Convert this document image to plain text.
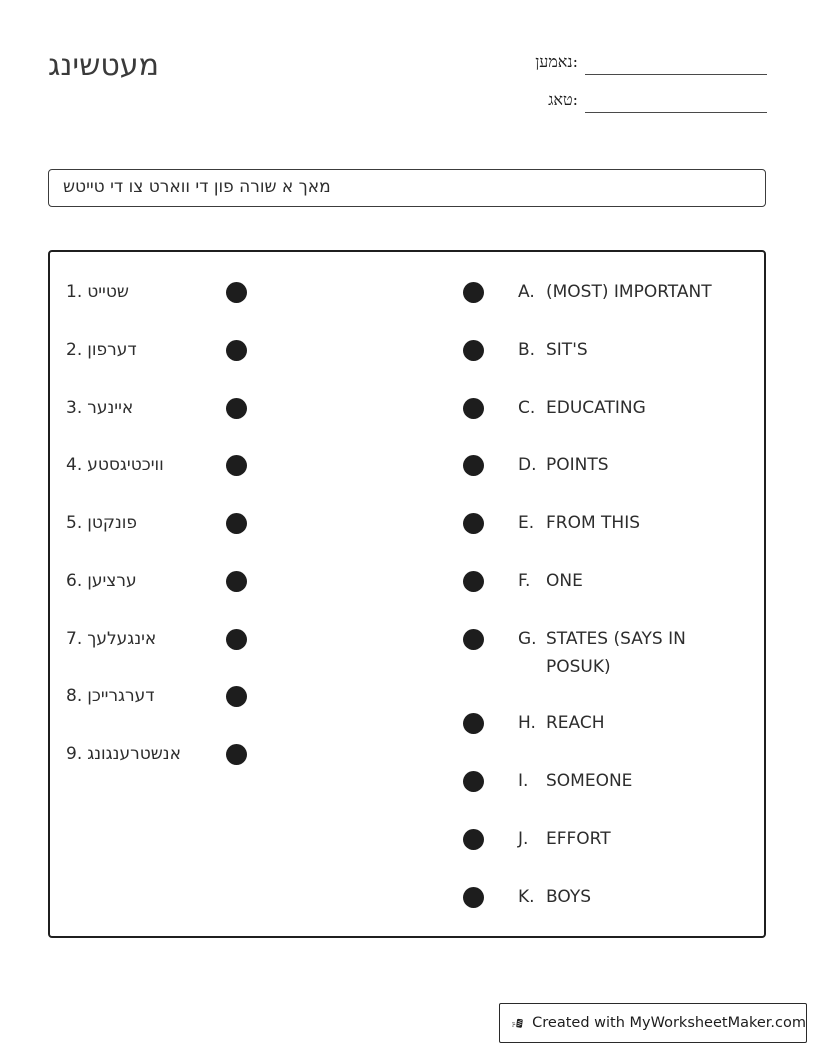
מעטשינג	נאמען:
טאג:
מאך א שורה פון די ווארט צו די טייטש
1. שטייט
2. דערפון
3. איינער
4. וויכטיגסטע
5. פונקטן
6. ערציען
7. אינגעלעך
8. דערגרייכן
9. אנשטרענגונג
A. (MOST) IMPORTANT
B. SIT'S
C. EDUCATING
D. POINTS
E. FROM THIS
F. ONE
G. STATES (SAYS IN POSUK)
H. REACH
I. SOMEONE
J. EFFORT
K. BOYS
Created with MyWorksheetMaker.com
